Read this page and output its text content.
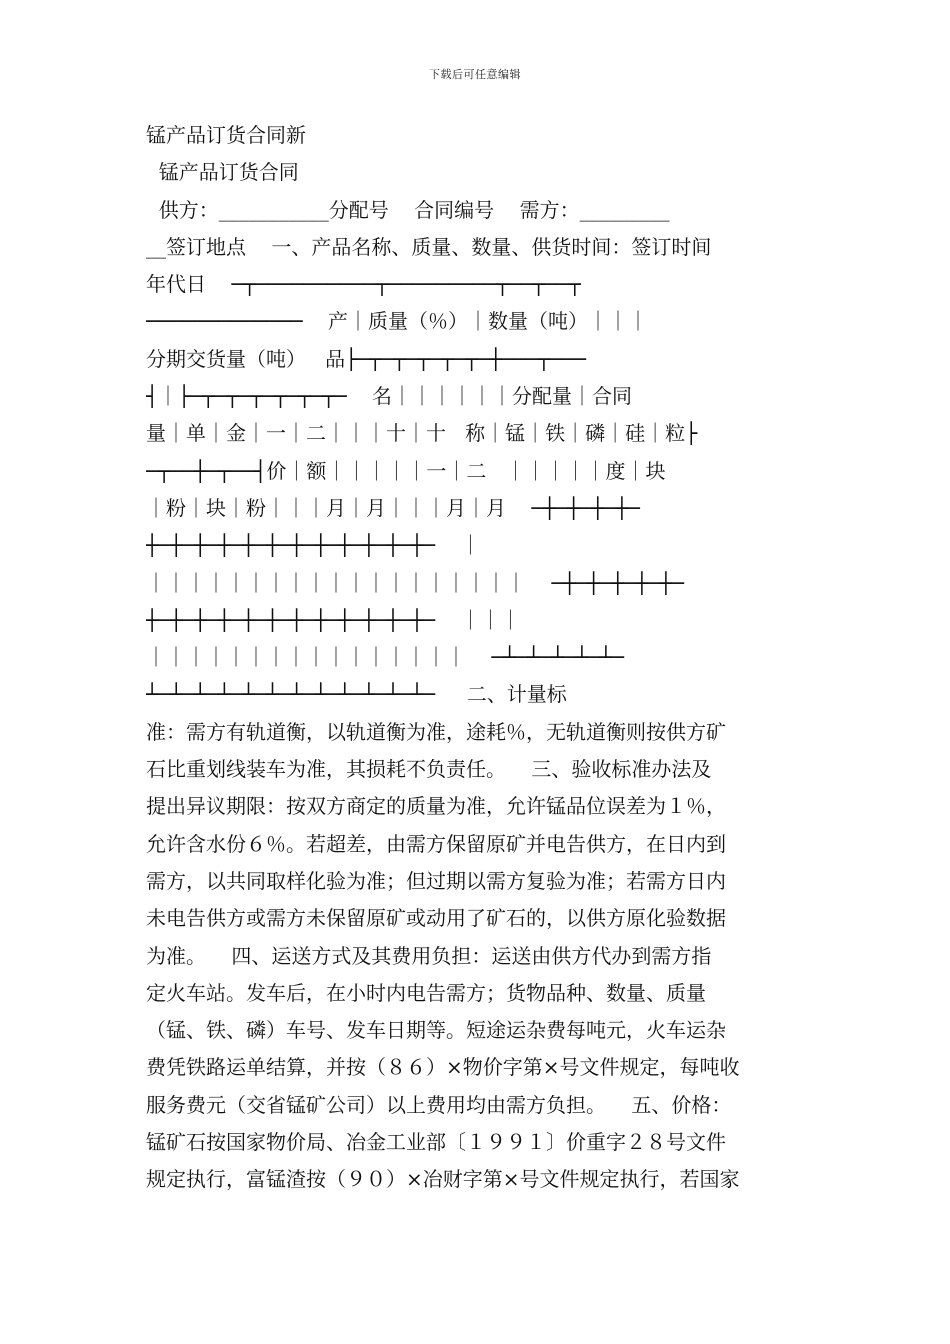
下载后可任意编辑
锰产品订货合同新
锰产品订货合同
供方：___________分配号    合同编号    需方：_________
__签订地点    一、产品名称、质量、数量、供货时间：签订时间
年代日    ─┬──────────┬─────────┬──┬──┬
─────────────    产｜质量（％）｜数量（吨）｜｜｜
分期交货量（吨）   品├─┬─┬─┬─┬─┬─┼───┬───
┤｜├─┬─┬─┬─┬─┬─┬─    名｜｜｜｜｜｜分配量｜合同
量｜单｜金｜一｜二｜｜｜十｜十   称｜锰｜铁｜磷｜硅｜粒├
─┬──┼─┬──┤价｜额｜｜｜｜｜一｜二   ｜｜｜｜｜度｜块
｜粉｜块｜粉｜｜｜月｜月｜｜｜月｜月    ─┼─┼─┼─┼─
┼─┼─┼─┼─┼─┼─┼─┼─┼─┼─┼─┼─    ｜
｜｜｜｜｜｜｜｜｜｜｜｜｜｜｜｜｜｜｜    ─┼─┼─┼─┼─┼─
┼─┼─┼─┼─┼─┼─┼─┼─┼─┼─┼─┼─    ｜｜｜
｜｜｜｜｜｜｜｜｜｜｜｜｜｜｜｜    ─┴─┴─┴─┴─┴─
┴─┴─┴─┴─┴─┴─┴─┴─┴─┴─┴─┴─     二、计量标
准：需方有轨道衡，以轨道衡为准，途耗％，无轨道衡则按供方矿
石比重划线装车为准，其损耗不负责任。    三、验收标准办法及
提出异议期限：按双方商定的质量为准，允许锰品位误差为１％，
允许含水份６％。若超差，由需方保留原矿并电告供方，在日内到
需方，以共同取样化验为准；但过期以需方复验为准；若需方日内
未电告供方或需方未保留原矿或动用了矿石的，以供方原化验数据
为准。    四、运送方式及其费用负担：运送由供方代办到需方指
定火车站。发车后，在小时内电告需方；货物品种、数量、质量
（锰、铁、磷）车号、发车日期等。短途运杂费每吨元，火车运杂
费凭铁路运单结算，并按（８６）×物价字第×号文件规定，每吨收
服务费元（交省锰矿公司）以上费用均由需方负担。    五、价格：
锰矿石按国家物价局、冶金工业部〔１９９１〕价重字２８号文件
规定执行，富锰渣按（９０）×冶财字第×号文件规定执行，若国家
